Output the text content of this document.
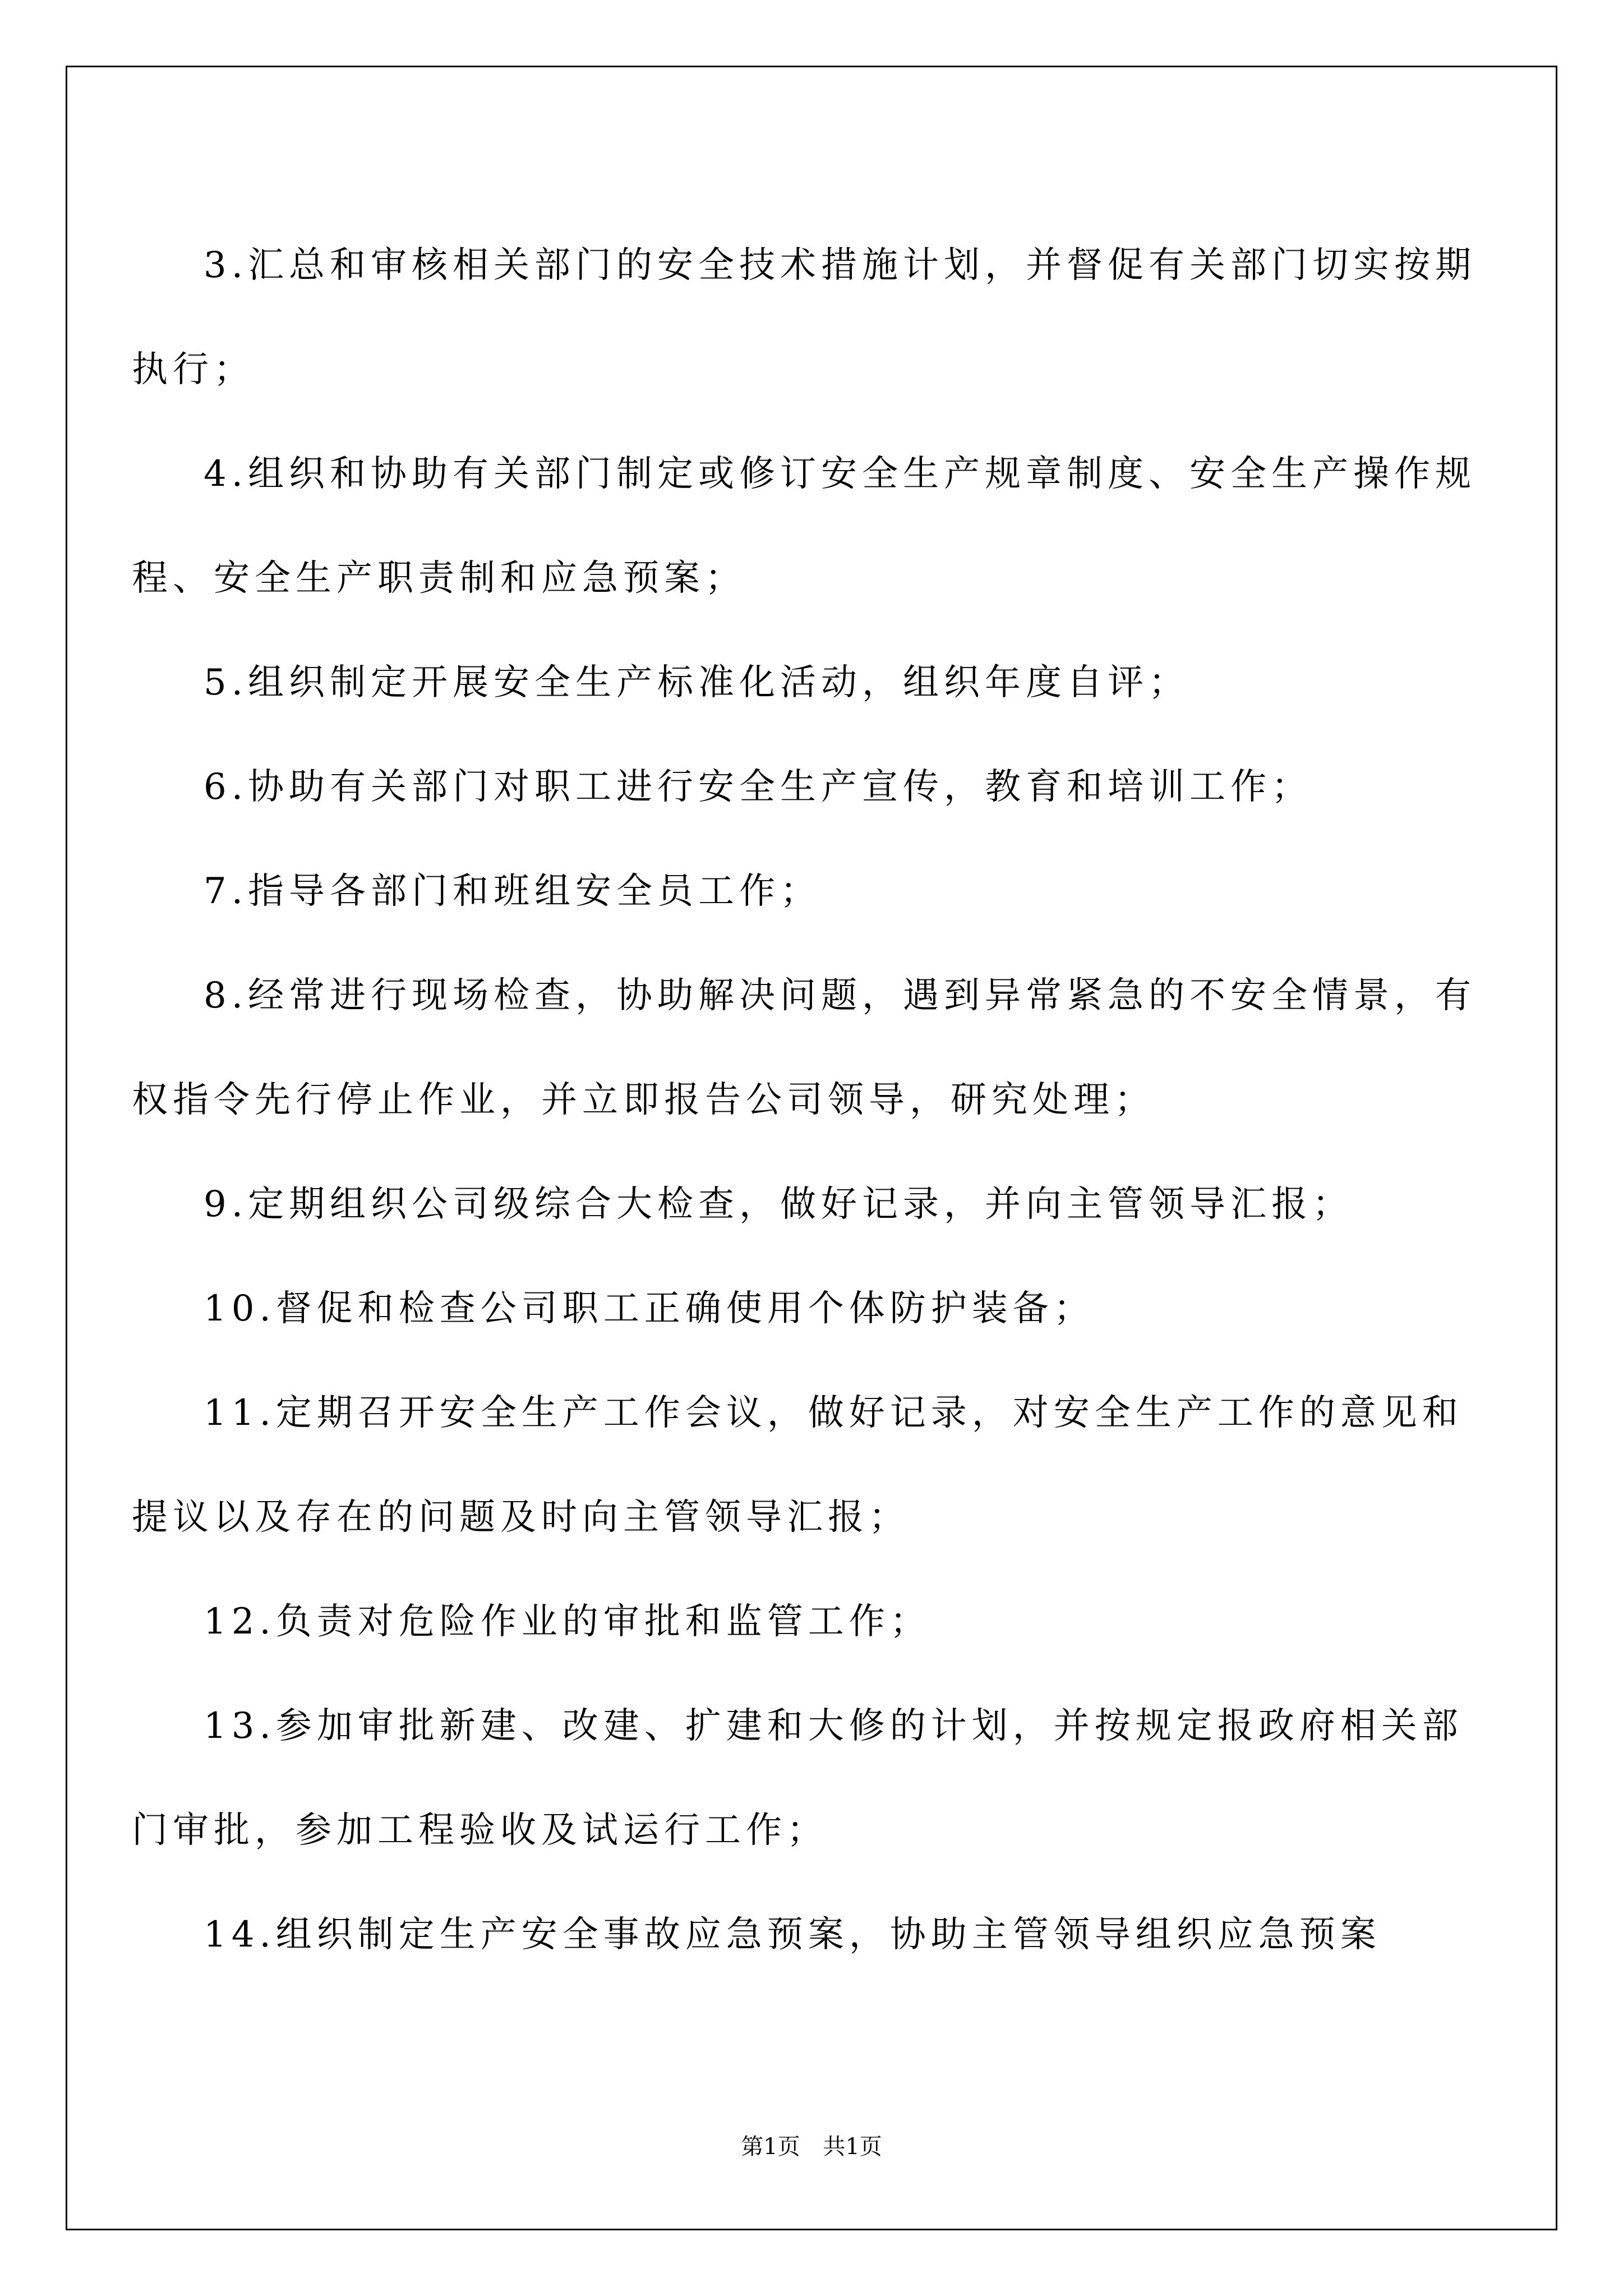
3.汇总和审核相关部门的安全技术措施计划，并督促有关部门切实按期执行；

4.组织和协助有关部门制定或修订安全生产规章制度、安全生产操作规程、安全生产职责制和应急预案；

5.组织制定开展安全生产标准化活动，组织年度自评；

6.协助有关部门对职工进行安全生产宣传，教育和培训工作；

7.指导各部门和班组安全员工作；

8.经常进行现场检查，协助解决问题，遇到异常紧急的不安全情景，有权指令先行停止作业，并立即报告公司领导，研究处理；

9.定期组织公司级综合大检查，做好记录，并向主管领导汇报；

10.督促和检查公司职工正确使用个体防护装备；

11.定期召开安全生产工作会议，做好记录，对安全生产工作的意见和提议以及存在的问题及时向主管领导汇报；

12.负责对危险作业的审批和监管工作；

13.参加审批新建、改建、扩建和大修的计划，并按规定报政府相关部门审批，参加工程验收及试运行工作；

14.组织制定生产安全事故应急预案，协助主管领导组织应急预案

第1页 共1页
